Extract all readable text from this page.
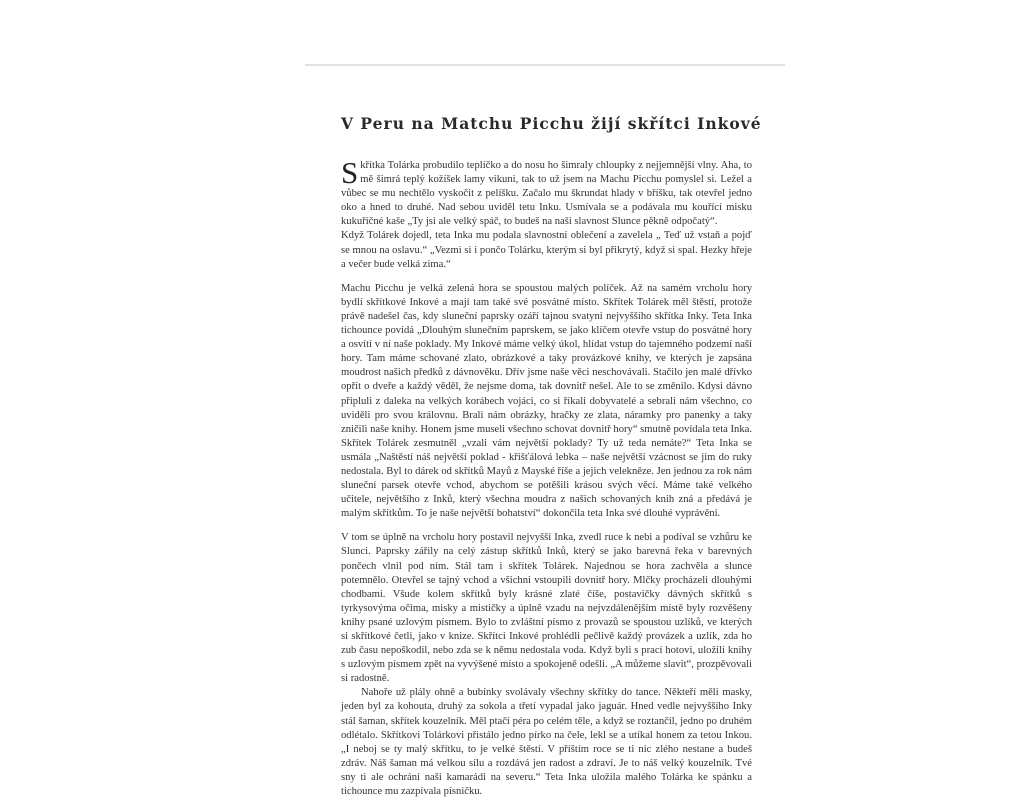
V Peru na Matchu Picchu žijí skřítci Inkové

Skřítka Tolárka probudilo teplíčko a do nosu ho šimraly chloupky z nejjemnější vlny. Aha, to mě šimrá teplý kožíšek lamy vikuni, tak to už jsem na Machu Picchu pomyslel si. Ležel a vůbec se mu nechtělo vyskočit z pelíšku. Začalo mu škrundat hlady v bříšku, tak otevřel jedno oko a hned to druhé. Nad sebou uviděl tetu Inku. Usmívala se a podávala mu kouřící misku kukuřičné kaše „Ty jsi ale velký spáč, to budeš na naši slavnost Slunce pěkně odpočatý“.

Když Tolárek dojedl, teta Inka mu podala slavnostní oblečení a zavelela „ Teď už vstaň a pojď se mnou na oslavu.“ „Vezmi si i pončo Tolárku, kterým si byl přikrytý, když si spal. Hezky hřeje a večer bude velká zima.“

Machu Picchu je velká zelená hora se spoustou malých políček. Až na samém vrcholu hory bydlí skřítkové Inkové a mají tam také své posvátné místo. Skřítek Tolárek měl štěstí, protože právě nadešel čas, kdy sluneční paprsky ozáří tajnou svatyni nejvyššího skřítka Inky. Teta Inka tichounce povídá „Dlouhým slunečním paprskem, se jako klíčem otevře vstup do posvátné hory a osvítí v ní naše poklady. My Inkové máme velký úkol, hlídat vstup do tajemného podzemí naší hory. Tam máme schované zlato, obrázkové a taky provázkové knihy, ve kterých je zapsána moudrost našich předků z dávnověku. Dřív jsme naše věci neschovávali. Stačilo jen malé dřívko opřít o dveře a každý věděl, že nejsme doma, tak dovnitř nešel. Ale to se změnilo. Kdysi dávno připluli z daleka na velkých korábech vojáci, co si říkali dobyvatelé a sebrali nám všechno, co uviděli pro svou královnu. Brali nám obrázky, hračky ze zlata, náramky pro panenky a taky zničili naše knihy. Honem jsme museli všechno schovat dovnitř hory“ smutně povídala teta Inka. Skřítek Tolárek zesmutněl „vzali vám největší poklady? Ty už teda nemáte?“ Teta Inka se usmála „Naštěstí náš největší poklad - křišťálová lebka – naše největší vzácnost se jim do ruky nedostala. Byl to dárek od skřítků Mayů z Mayské říše a jejich velekněze. Jen jednou za rok nám sluneční parsek otevře vchod, abychom se potěšili krásou svých věcí. Máme také velkého učitele, největšího z Inků, který všechna moudra z našich schovaných knih zná a předává je malým skřítkům. To je naše největší bohatství“ dokončila teta Inka své dlouhé vyprávění.

V tom se úplně na vrcholu hory postavil nejvyšší Inka, zvedl ruce k nebi a podíval se vzhůru ke Slunci. Paprsky zářily na celý zástup skřítků Inků, který se jako barevná řeka v barevných pončech vlnil pod ním. Stál tam i skřítek Tolárek. Najednou se hora zachvěla a slunce potemnělo. Otevřel se tajný vchod a všichni vstoupili dovnitř hory. Mlčky procházeli dlouhými chodbami. Všude kolem skřítků byly krásné zlaté číše, postavičky dávných skřítků s tyrkysovýma očima, misky a mističky a úplně vzadu na nejvzdálenějším místě byly rozvěšeny knihy psané uzlovým písmem. Bylo to zvláštní písmo z provazů se spoustou uzlíků, ve kterých si skřítkové četli, jako v knize. Skřítci Inkové prohlédli pečlivě každý provázek a uzlík, zda ho zub času nepoškodil, nebo zda se k němu nedostala voda. Když byli s prací hotovi, uložili knihy s uzlovým písmem zpět na vyvýšené místo a spokojeně odešli. „A můžeme slavit“, prozpěvovali si radostně.

Nahoře už plály ohně a bubínky svolávaly všechny skřítky do tance. Někteří měli masky, jeden byl za kohouta, druhý za sokola a třetí vypadal jako jaguár. Hned vedle nejvyššího Inky stál šaman, skřítek kouzelník. Měl ptačí péra po celém těle, a když se roztančil, jedno po druhém odlétalo. Skřítkovi Tolárkovi přistálo jedno pírko na čele, lekl se a utíkal honem za tetou Inkou. „I neboj se ty malý skřítku, to je velké štěstí. V příštím roce se ti nic zlého nestane a budeš zdráv. Náš šaman má velkou sílu a rozdává jen radost a zdraví. Je to náš velký kouzelník. Tvé sny ti ale ochrání naši kamarádi na severu.“ Teta Inka uložila malého Tolárka ke spánku a tichounce mu zazpívala písničku.
